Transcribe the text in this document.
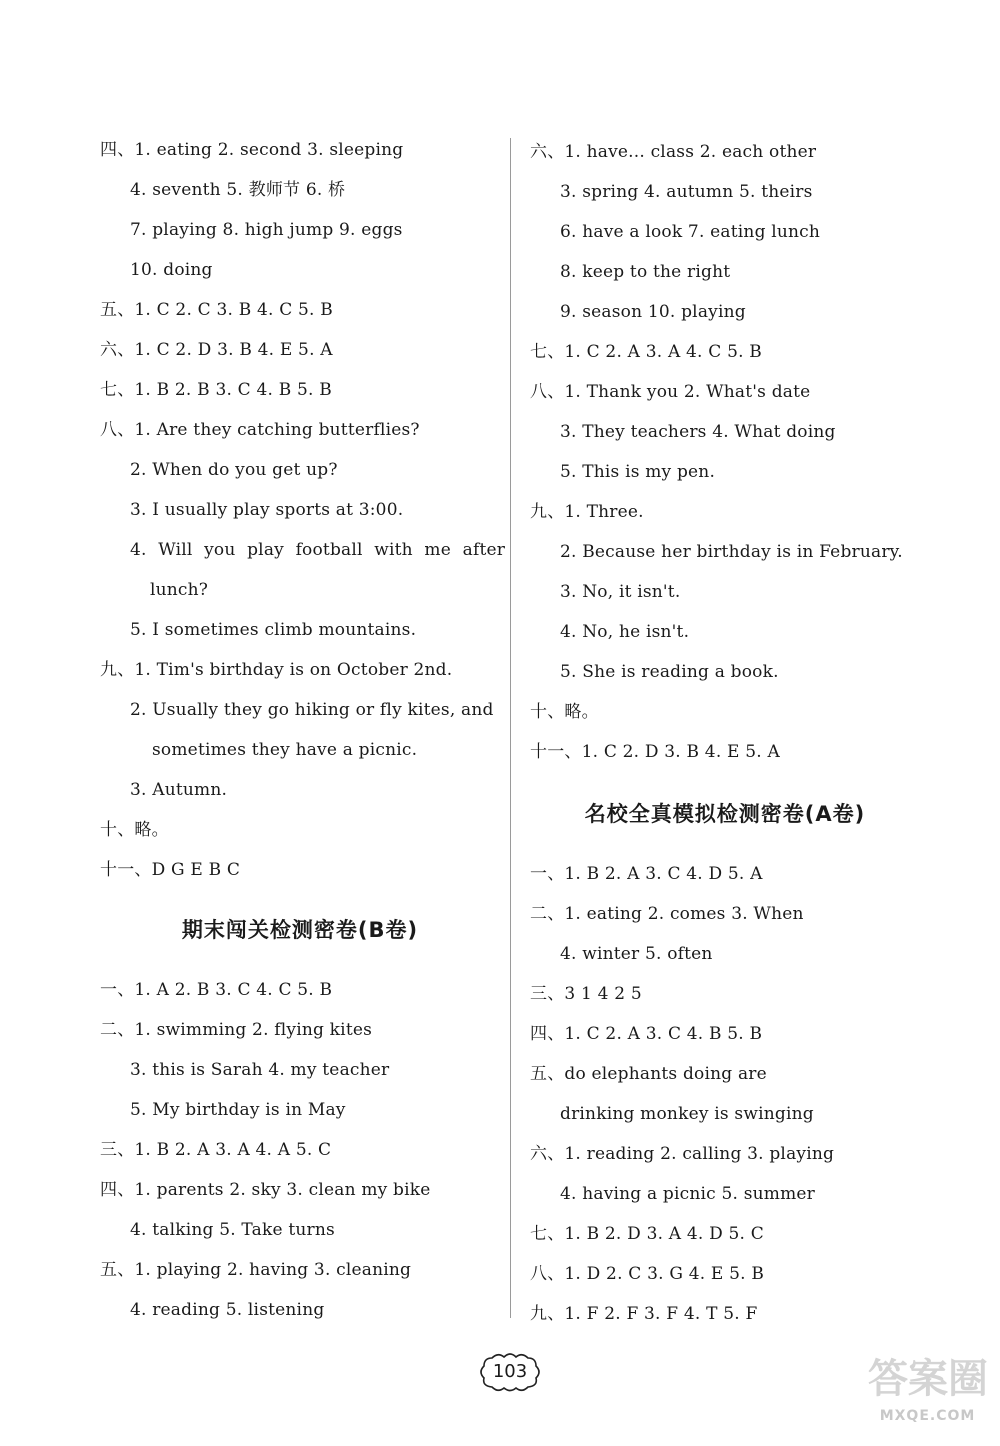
四、1. eating 2. second 3. sleeping
4. seventh 5. 教师节 6. 桥
7. playing 8. high jump 9. eggs
10. doing
五、1. C 2. C 3. B 4. C 5. B
六、1. C 2. D 3. B 4. E 5. A
七、1. B 2. B 3. C 4. B 5. B
八、1. Are they catching butterflies?
2. When do you get up?
3. I usually play sports at 3:00.
4. Will you play football with me after
lunch?
5. I sometimes climb mountains.
九、1. Tim's birthday is on October 2nd.
2. Usually they go hiking or fly kites, and
sometimes they have a picnic.
3. Autumn.
十、略。
十一、D G E B C
期末闯关检测密卷(B卷)
一、1. A 2. B 3. C 4. C 5. B
二、1. swimming 2. flying kites
3. this is Sarah 4. my teacher
5. My birthday is in May
三、1. B 2. A 3. A 4. A 5. C
四、1. parents 2. sky 3. clean my bike
4. talking 5. Take turns
五、1. playing 2. having 3. cleaning
4. reading 5. listening
六、1. have... class 2. each other
3. spring 4. autumn 5. theirs
6. have a look 7. eating lunch
8. keep to the right
9. season 10. playing
七、1. C 2. A 3. A 4. C 5. B
八、1. Thank you 2. What's date
3. They teachers 4. What doing
5. This is my pen.
九、1. Three.
2. Because her birthday is in February.
3. No, it isn't.
4. No, he isn't.
5. She is reading a book.
十、略。
十一、1. C 2. D 3. B 4. E 5. A
名校全真模拟检测密卷(A卷)
一、1. B 2. A 3. C 4. D 5. A
二、1. eating 2. comes 3. When
4. winter 5. often
三、3 1 4 2 5
四、1. C 2. A 3. C 4. B 5. B
五、do elephants doing are
drinking monkey is swinging
六、1. reading 2. calling 3. playing
4. having a picnic 5. summer
七、1. B 2. D 3. A 4. D 5. C
八、1. D 2. C 3. G 4. E 5. B
九、1. F 2. F 3. F 4. T 5. F
103	答案圈
MXQE.COM
